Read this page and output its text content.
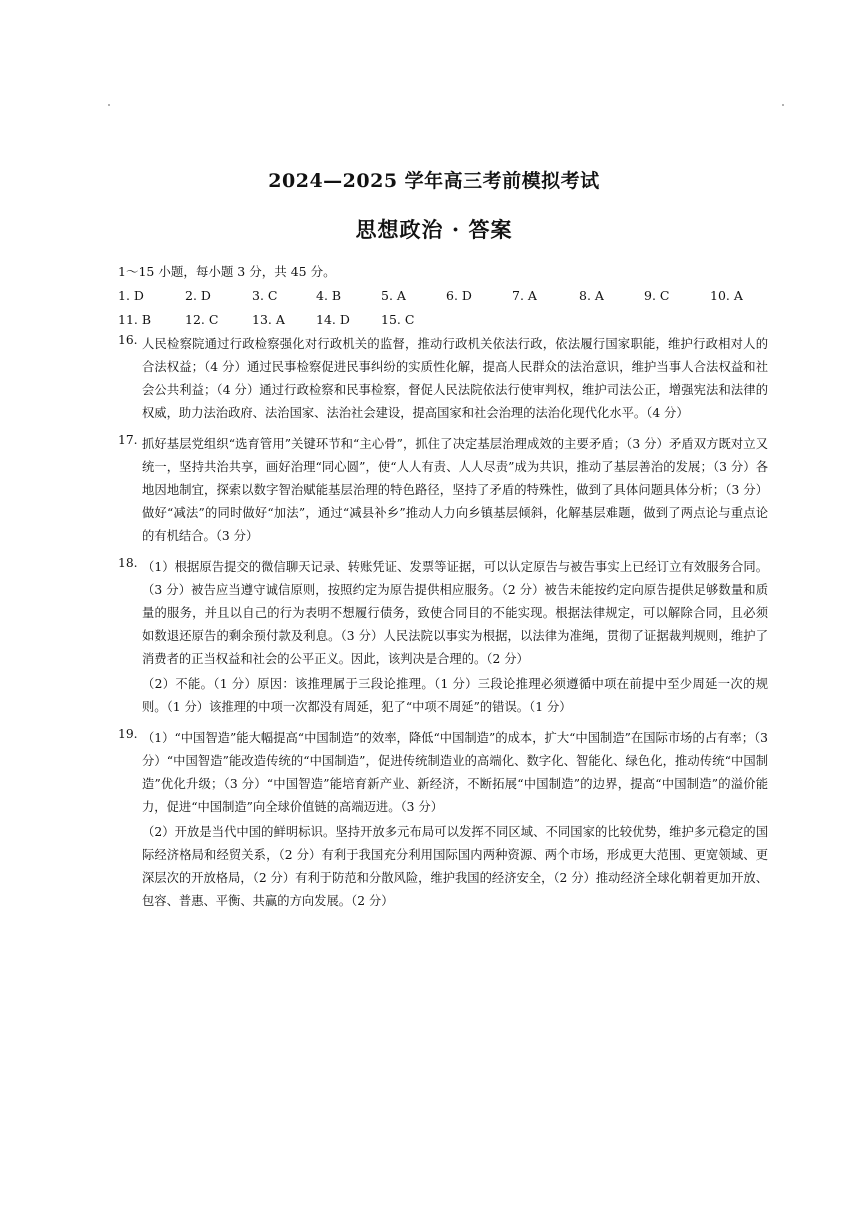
2024—2025 学年高三考前模拟考试
思想政治 · 答案
1～15 小题，每小题 3 分，共 45 分。
1. D	2. D	3. C	4. B	5. A	6. D	7. A	8. A	9. C	10. A
11. B	12. C	13. A 14. D 15. C
16. 人民检察院通过行政检察强化对行政机关的监督，推动行政机关依法行政，依法履行国家职能，维护行政相对人的合法权益；（4 分）通过民事检察促进民事纠纷的实质性化解，提高人民群众的法治意识，维护当事人合法权益和社会公共利益；（4 分）通过行政检察和民事检察，督促人民法院依法行使审判权，维护司法公正，增强宪法和法律的权威，助力法治政府、法治国家、法治社会建设，提高国家和社会治理的法治化现代化水平。（4 分）

17. 抓好基层党组织“选育管用”关键环节和“主心骨”，抓住了决定基层治理成效的主要矛盾；（3 分）矛盾双方既对立又统一，坚持共治共享，画好治理“同心圆”，使“人人有责、人人尽责”成为共识，推动了基层善治的发展；（3 分）各地因地制宜，探索以数字智治赋能基层治理的特色路径，坚持了矛盾的特殊性，做到了具体问题具体分析；（3 分）做好“减法”的同时做好“加法”，通过“减县补乡”推动人力向乡镇基层倾斜，化解基层难题，做到了两点论与重点论的有机结合。（3 分）

18. （1）根据原告提交的微信聊天记录、转账凭证、发票等证据，可以认定原告与被告事实上已经订立有效服务合同。（3 分）被告应当遵守诚信原则，按照约定为原告提供相应服务。（2 分）被告未能按约定向原告提供足够数量和质量的服务，并且以自己的行为表明不想履行债务，致使合同目的不能实现。根据法律规定，可以解除合同，且必须如数退还原告的剩余预付款及利息。（3 分）人民法院以事实为根据，以法律为准绳，贯彻了证据裁判规则，维护了消费者的正当权益和社会的公平正义。因此，该判决是合理的。（2 分）

（2）不能。（1 分）原因：该推理属于三段论推理。（1 分）三段论推理必须遵循中项在前提中至少周延一次的规则。（1 分）该推理的中项一次都没有周延，犯了“中项不周延”的错误。（1 分）

19. （1）“中国智造”能大幅提高“中国制造”的效率，降低“中国制造”的成本，扩大“中国制造”在国际市场的占有率；（3 分）“中国智造”能改造传统的“中国制造”，促进传统制造业的高端化、数字化、智能化、绿色化，推动传统“中国制造”优化升级；（3 分）“中国智造”能培育新产业、新经济，不断拓展“中国制造”的边界，提高“中国制造”的溢价能力，促进“中国制造”向全球价值链的高端迈进。（3 分）

（2）开放是当代中国的鲜明标识。坚持开放多元布局可以发挥不同区域、不同国家的比较优势，维护多元稳定的国际经济格局和经贸关系，（2 分）有利于我国充分利用国际国内两种资源、两个市场，形成更大范围、更宽领域、更深层次的开放格局，（2 分）有利于防范和分散风险，维护我国的经济安全，（2 分）推动经济全球化朝着更加开放、包容、普惠、平衡、共赢的方向发展。（2 分）
